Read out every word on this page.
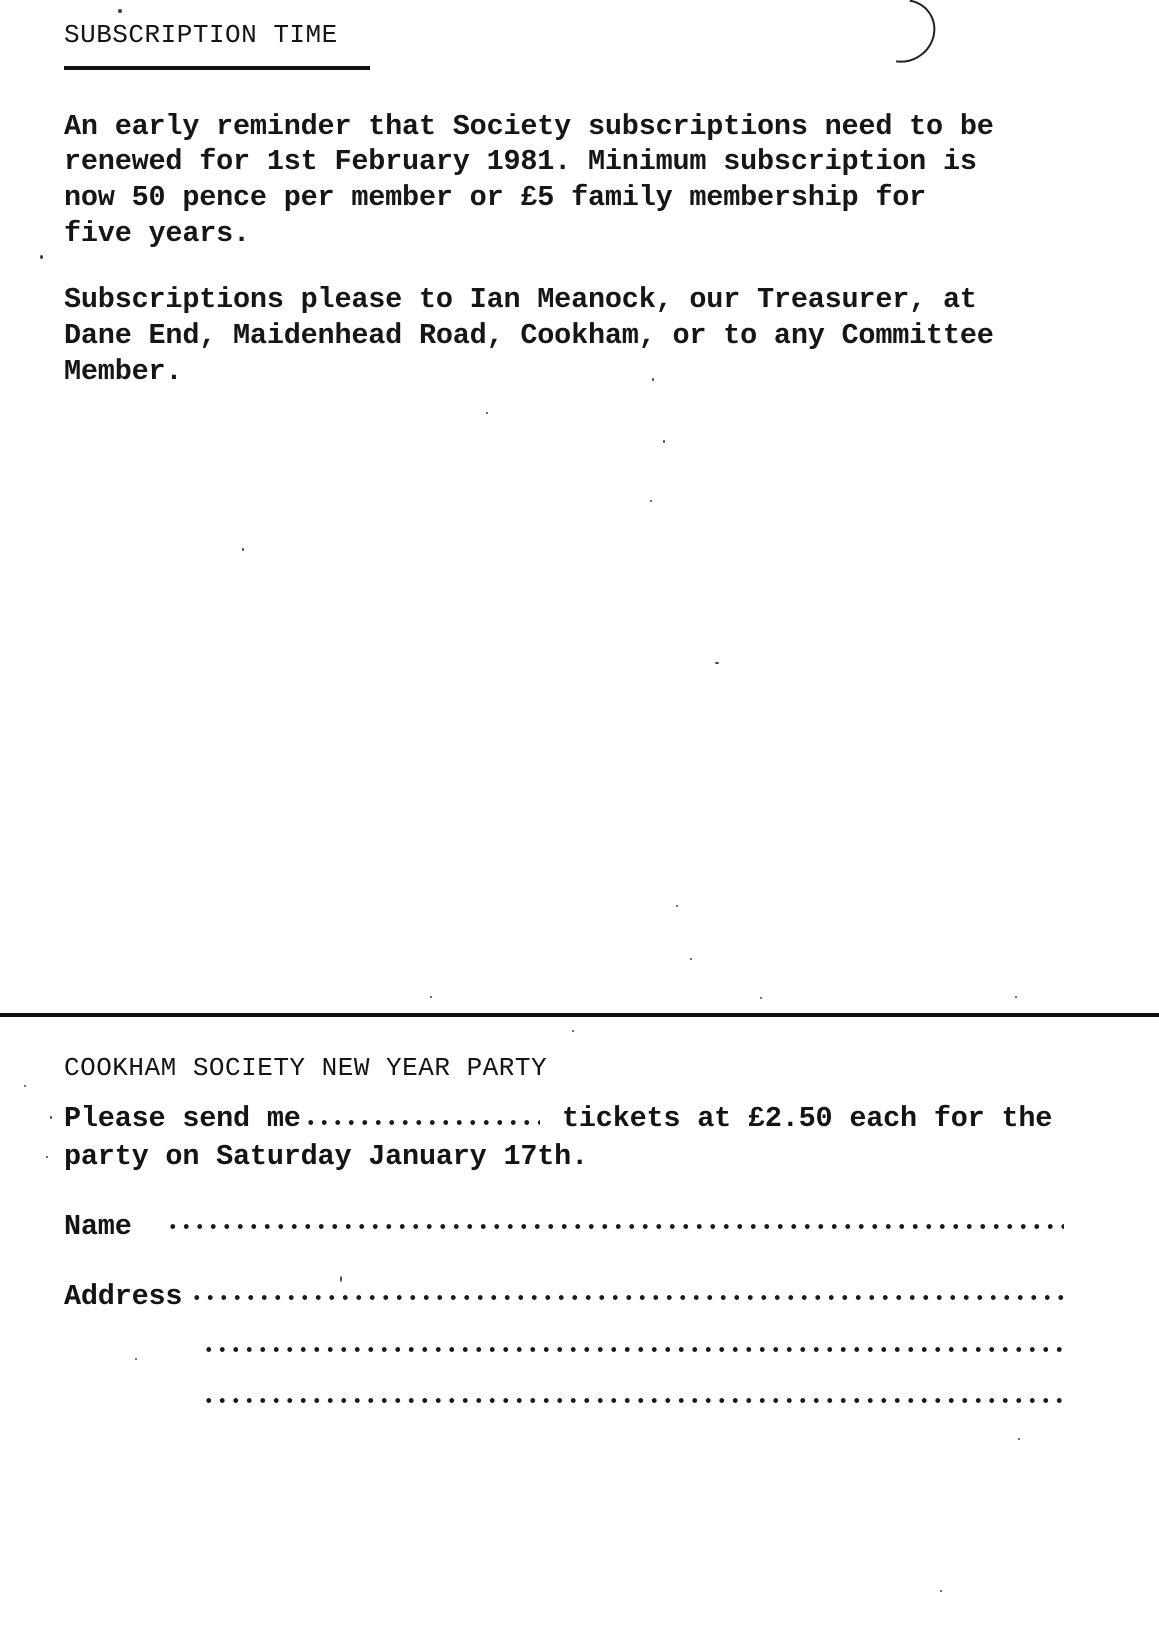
SUBSCRIPTION TIME

An early reminder that Society subscriptions need to be

renewed for 1st February 1981. Minimum subscription is

now 50 pence per member or £5 family membership for

five years.

Subscriptions please to Ian Meanock, our Treasurer, at

Dane End, Maidenhead Road, Cookham, or to any Committee

Member.

COOKHAM SOCIETY NEW YEAR PARTY
Please send me	tickets at £2.50 each for the
party on Saturday January 17th.
Name
Address
